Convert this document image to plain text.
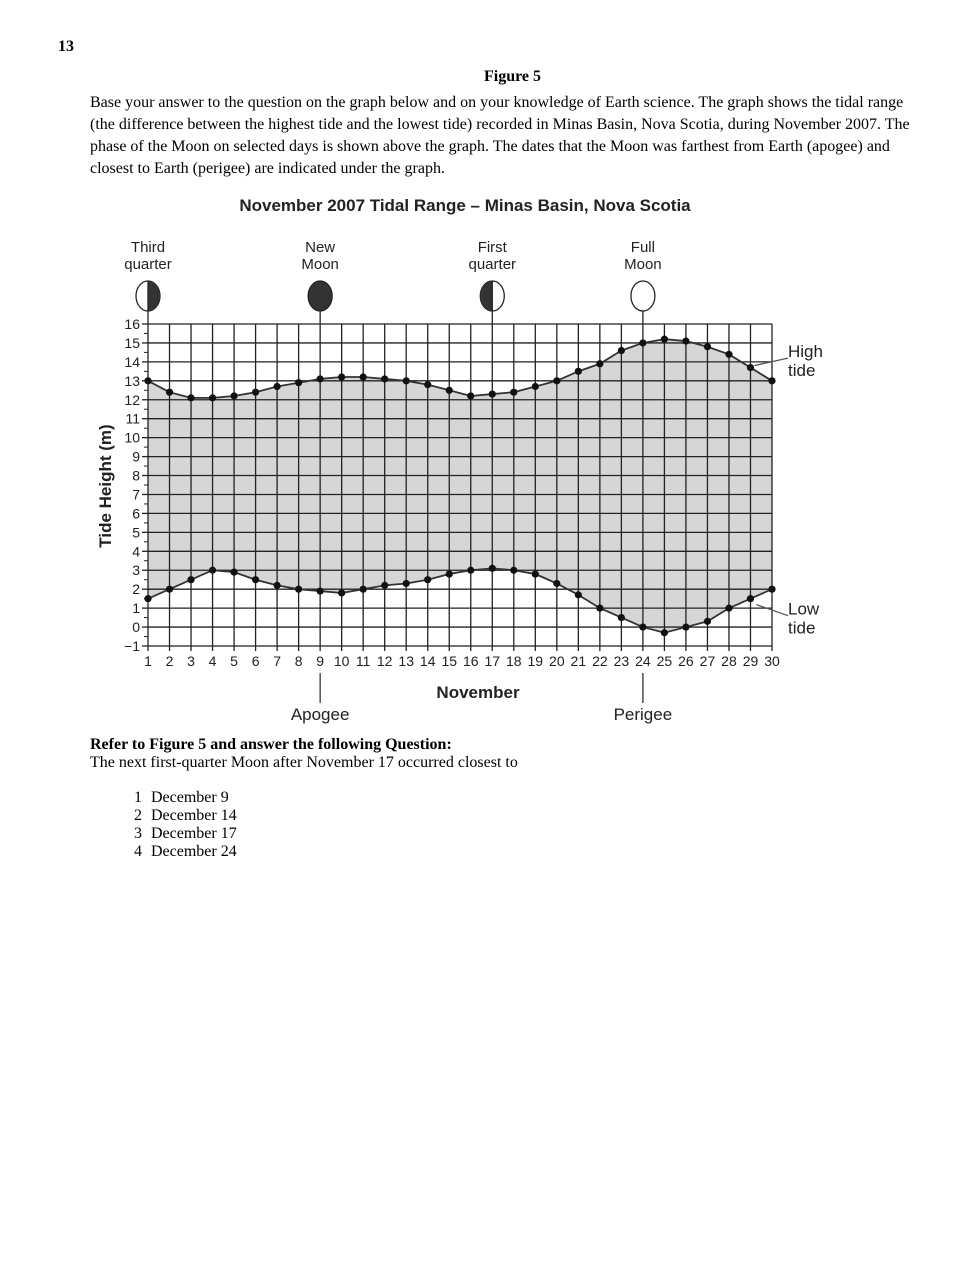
13
Figure 5
Base your answer to the question on the graph below and on your knowledge of Earth science. The graph shows the tidal range (the difference between the highest tide and the lowest tide) recorded in Minas Basin, Nova Scotia, during November 2007. The phase of the Moon on selected days is shown above the graph. The dates that the Moon was farthest from Earth (apogee) and closest to Earth (perigee) are indicated under the graph.
November 2007 Tidal Range – Minas Basin, Nova Scotia
−1
0
1
2
3
4
5
6
7
8
9
10
11
12
13
14
15
16
1 2 3 4 5 6 7 8 9 10 11 12 13 14 15 16 17 18 19 20 21 22 23 24 25 26 27 28 29 30
High
tide
Low
tide
Third
quarter
New
Moon
First
quarter
Full
Moon
Apogee	Perigee
November
Tide Height (m)
Refer to Figure 5 and answer the following Question:
The next first-quarter Moon after November 17 occurred closest to
1 December 9
2 December 14
3 December 17
4 December 24
